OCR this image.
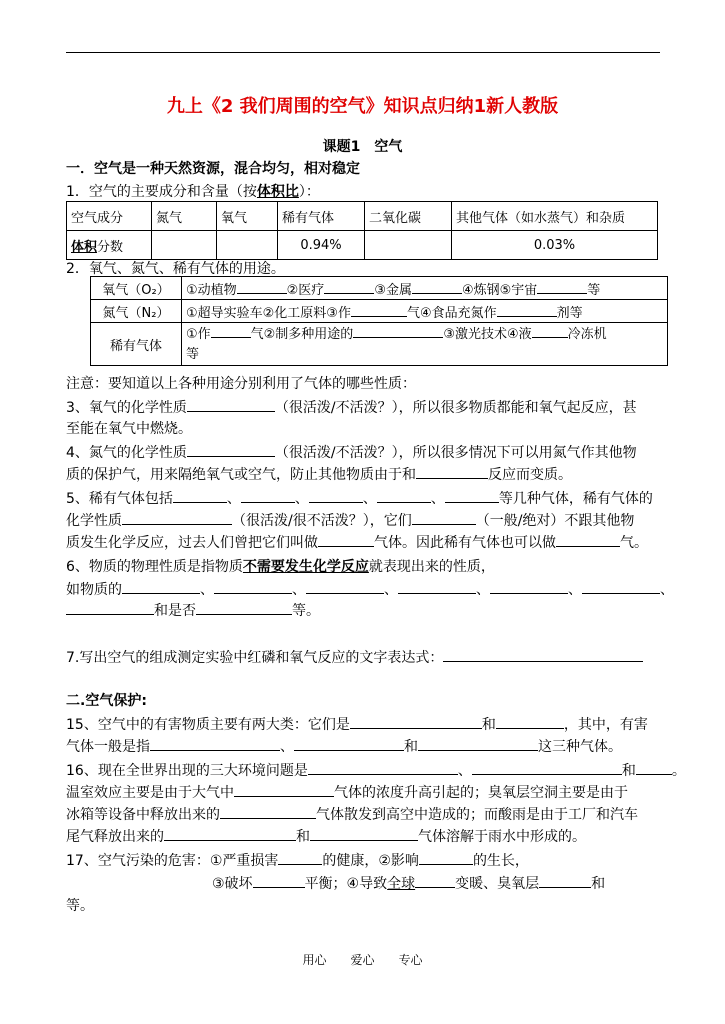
九上《2 我们周围的空气》知识点归纳1新人教版
课题1　空气
一．空气是一种天然资源，混合均匀，相对稳定
1．空气的主要成分和含量（按体积比）：
空气成分	氮气	氧气	稀有气体	二氧化碳	其他气体（如水蒸气）和杂质
体积分数			0.94%		0.03%
2．氧气、氮气、稀有气体的用途。
氧气（O₂）	①动植物 ②医疗 ③金属 ④炼钢⑤宇宙 等
氮气（N₂）	①超导实验车②化工原料③作 气④食品充氮作 剂等
稀有气体	①作 气②制多种用途的 ③激光技术④液 冷冻机
等
注意：要知道以上各种用途分别利用了气体的哪些性质：
3、氧气的化学性质	（很活泼/不活泼？），所以很多物质都能和氧气起反应，甚
至能在氧气中燃烧。
4、氮气的化学性质	（很活泼/不活泼？），所以很多情况下可以用氮气作其他物
质的保护气，用来隔绝氧气或空气，防止其他物质由于和	反应而变质。
5、稀有气体包括	、	、	、	、	等几种气体，稀有气体的
化学性质	（很活泼/很不活泼？），它们	（一般/绝对）不跟其他物
质发生化学反应，过去人们曾把它们叫做	气体。因此稀有气体也可以做	气。
6、物质的物理性质是指物质不需要发生化学反应就表现出来的性质，
如物质的	、	、	、	、	、	、
和是否	等。
7.写出空气的组成测定实验中红磷和氧气反应的文字表达式：
二.空气保护:
15、空气中的有害物质主要有两大类：它们是	和	，其中，有害
气体一般是指	、	和	这三种气体。
16、现在全世界出现的三大环境问题是	、	和	。
温室效应主要是由于大气中	气体的浓度升高引起的；臭氧层空洞主要是由于
冰箱等设备中释放出来的	气体散发到高空中造成的；而酸雨是由于工厂和汽车
尾气释放出来的	和	气体溶解于雨水中形成的。
17、空气污染的危害：①严重损害	的健康，②影响	的生长，
③破坏	平衡；④导致全球	变暖、臭氧层	和
等。
用心　　爱心　　专心
